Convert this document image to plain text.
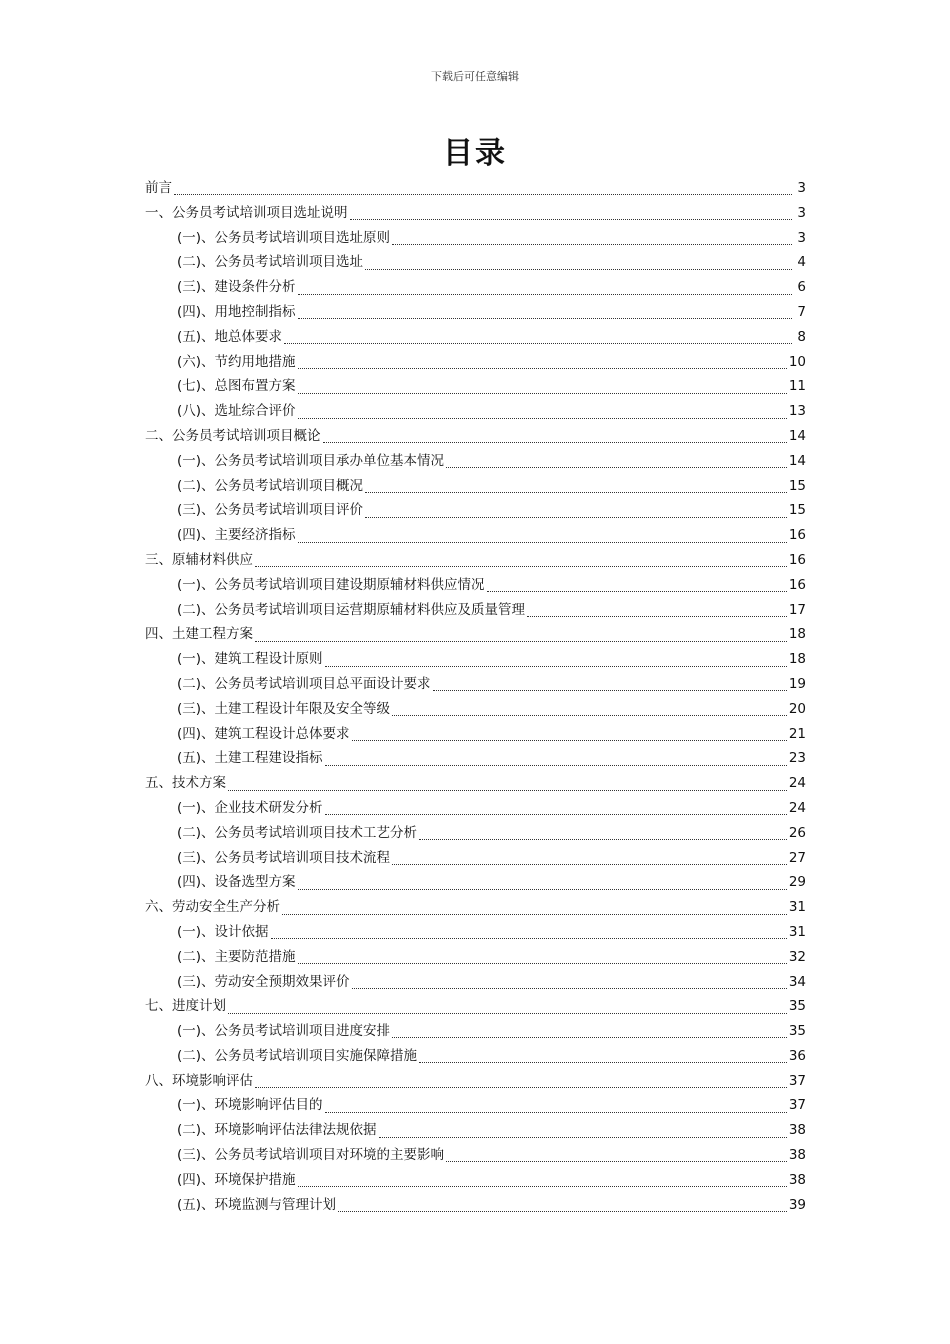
下载后可任意编辑
目录
前言	3
一、公务员考试培训项目选址说明	3
(一)、公务员考试培训项目选址原则	3
(二)、公务员考试培训项目选址	4
(三)、建设条件分析	6
(四)、用地控制指标	7
(五)、地总体要求	8
(六)、节约用地措施	10
(七)、总图布置方案	11
(八)、选址综合评价	13
二、公务员考试培训项目概论	14
(一)、公务员考试培训项目承办单位基本情况	14
(二)、公务员考试培训项目概况	15
(三)、公务员考试培训项目评价	15
(四)、主要经济指标	16
三、原辅材料供应	16
(一)、公务员考试培训项目建设期原辅材料供应情况	16
(二)、公务员考试培训项目运营期原辅材料供应及质量管理	17
四、土建工程方案	18
(一)、建筑工程设计原则	18
(二)、公务员考试培训项目总平面设计要求	19
(三)、土建工程设计年限及安全等级	20
(四)、建筑工程设计总体要求	21
(五)、土建工程建设指标	23
五、技术方案	24
(一)、企业技术研发分析	24
(二)、公务员考试培训项目技术工艺分析	26
(三)、公务员考试培训项目技术流程	27
(四)、设备选型方案	29
六、劳动安全生产分析	31
(一)、设计依据	31
(二)、主要防范措施	32
(三)、劳动安全预期效果评价	34
七、进度计划	35
(一)、公务员考试培训项目进度安排	35
(二)、公务员考试培训项目实施保障措施	36
八、环境影响评估	37
(一)、环境影响评估目的	37
(二)、环境影响评估法律法规依据	38
(三)、公务员考试培训项目对环境的主要影响	38
(四)、环境保护措施	38
(五)、环境监测与管理计划	39
